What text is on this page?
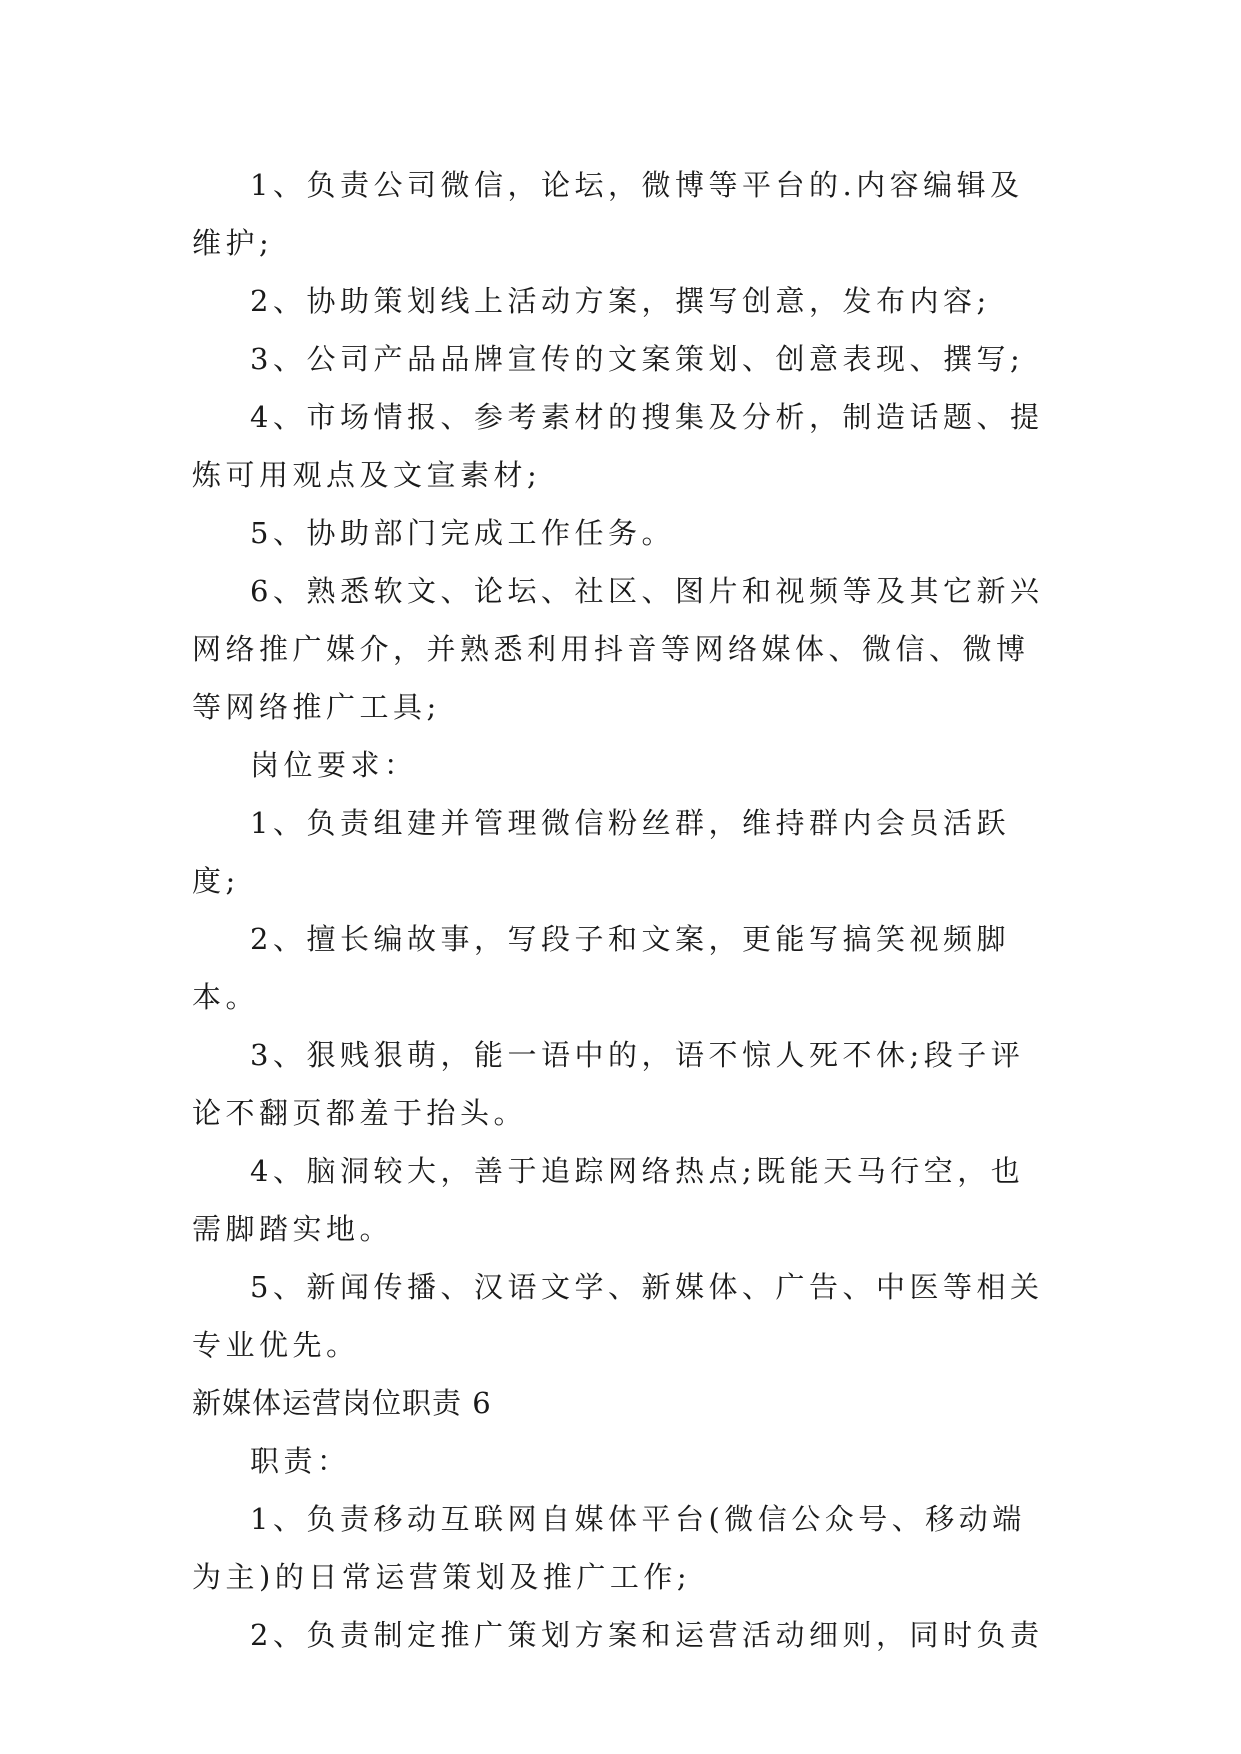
1、负责公司微信，论坛，微博等平台的.内容编辑及维护;

2、协助策划线上活动方案，撰写创意，发布内容;

3、公司产品品牌宣传的文案策划、创意表现、撰写;

4、市场情报、参考素材的搜集及分析，制造话题、提炼可用观点及文宣素材;

5、协助部门完成工作任务。

6、熟悉软文、论坛、社区、图片和视频等及其它新兴网络推广媒介，并熟悉利用抖音等网络媒体、微信、微博等网络推广工具;

岗位要求：

1、负责组建并管理微信粉丝群，维持群内会员活跃度;

2、擅长编故事，写段子和文案，更能写搞笑视频脚本。

3、狠贱狠萌，能一语中的，语不惊人死不休;段子评论不翻页都羞于抬头。

4、脑洞较大，善于追踪网络热点;既能天马行空，也需脚踏实地。

5、新闻传播、汉语文学、新媒体、广告、中医等相关专业优先。

新媒体运营岗位职责 6

职责：

1、负责移动互联网自媒体平台(微信公众号、移动端为主)的日常运营策划及推广工作;

2、负责制定推广策划方案和运营活动细则，同时负责
